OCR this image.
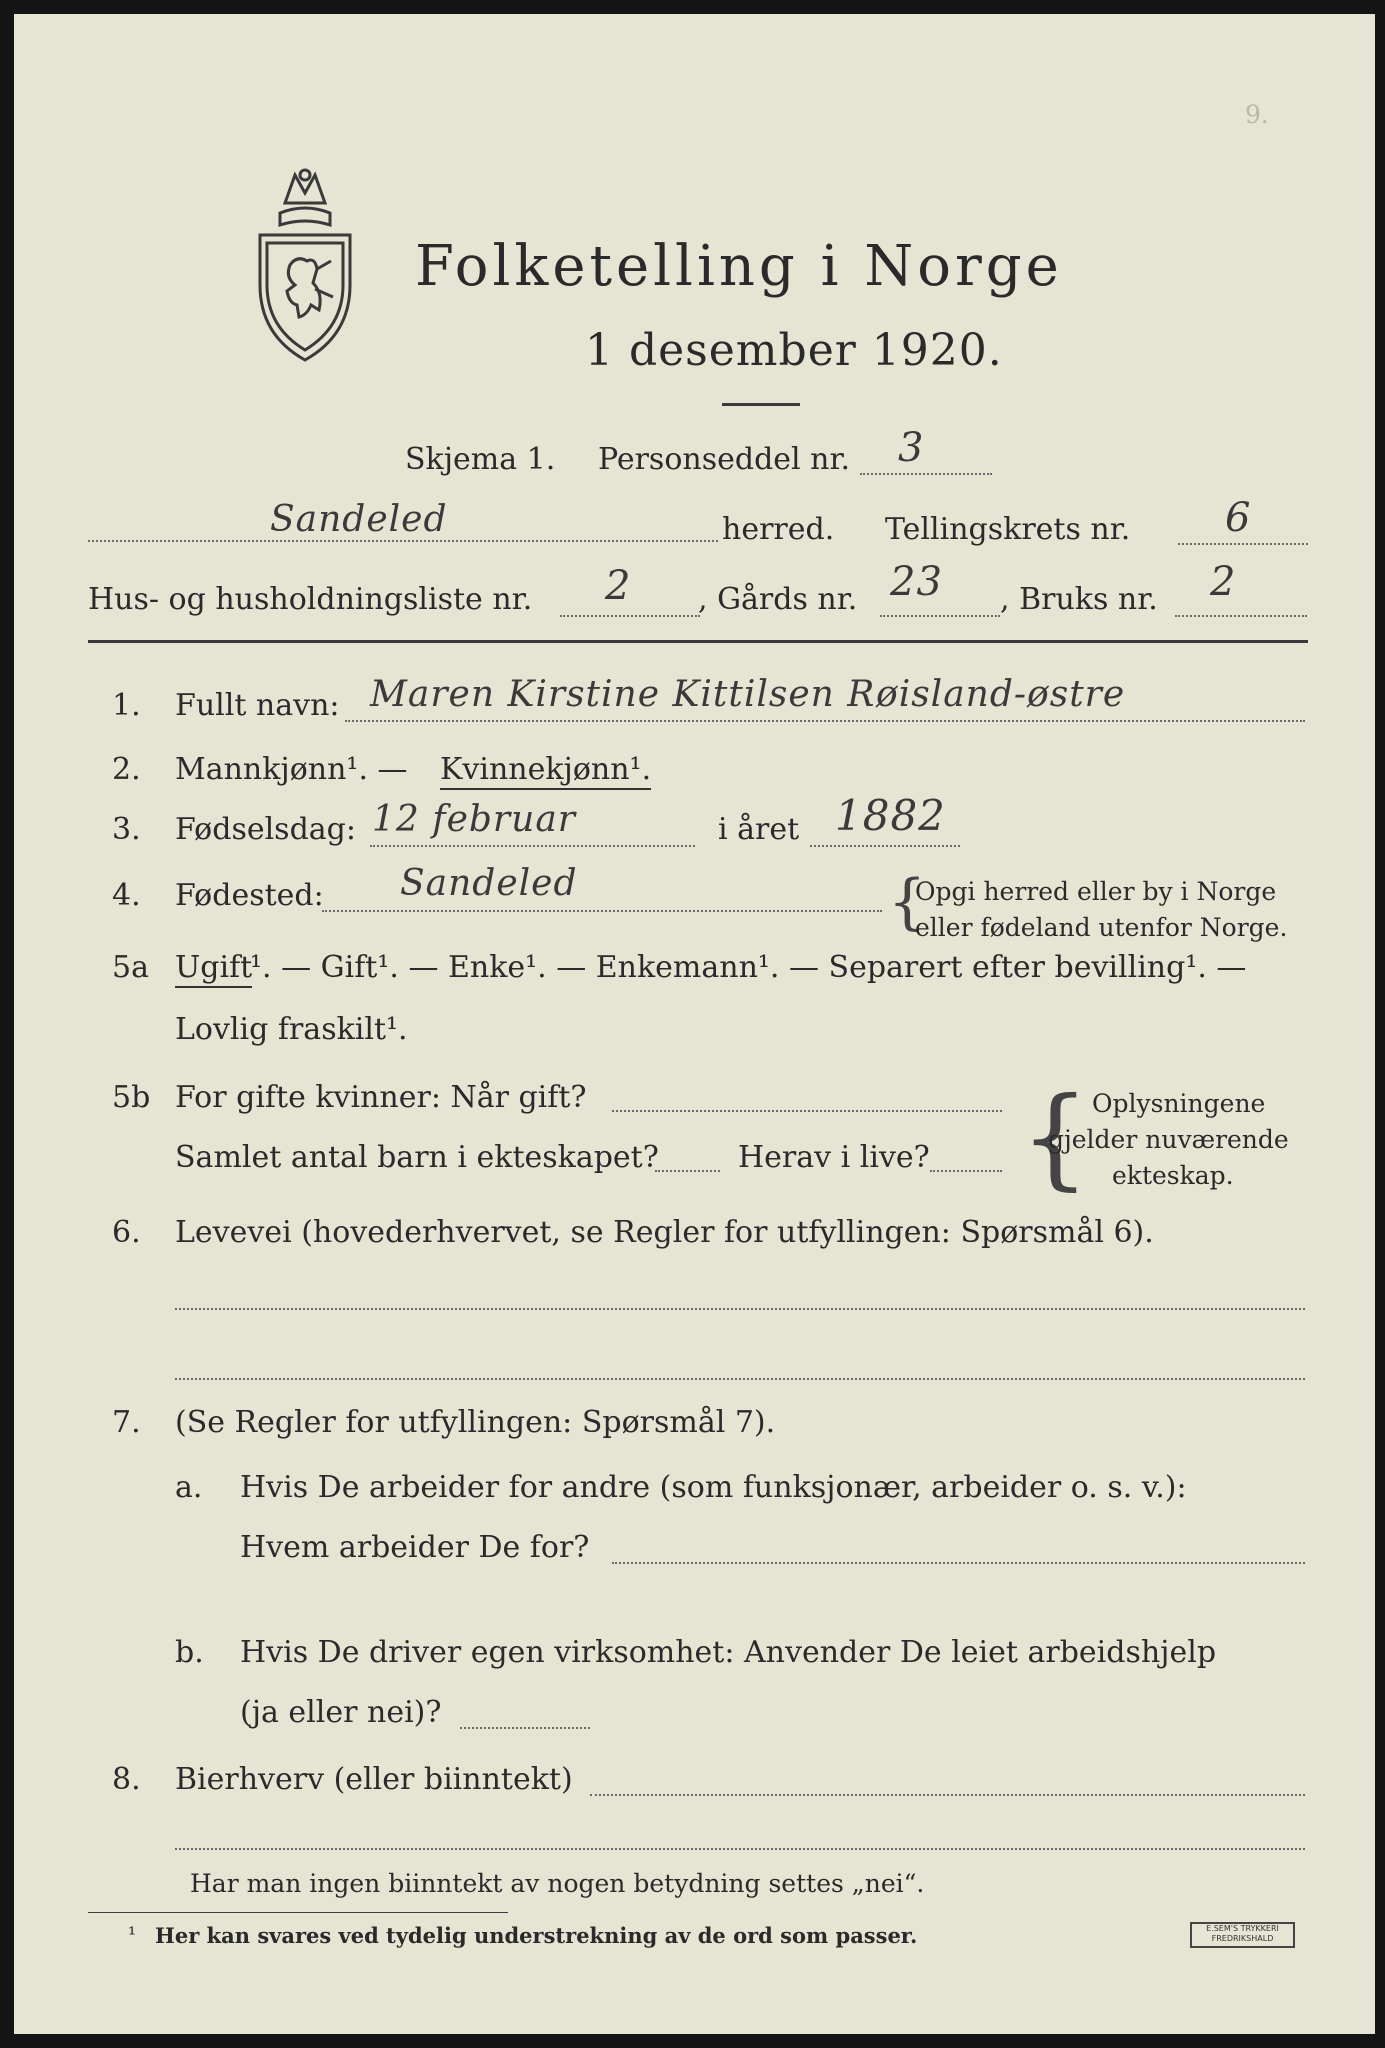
9.
Folketelling i Norge
1 desember 1920.
Skjema 1. Personseddel nr. 3
Sandeled	herred. Tellingskrets nr. 6
Hus- og husholdningsliste nr. 2 , Gårds nr. 23 , Bruks nr. 2
1. Fullt navn: Maren Kirstine Kittilsen Røisland-østre
2. Mannkjønn¹. — Kvinnekjønn¹.
3. Fødselsdag: 12 februar	i året 1882
4. Fødested: Sandeled	{
Opgi herred eller by i Norge
eller fødeland utenfor Norge.
5a Ugift
¹. — Gift¹. — Enke¹. — Enkemann¹. — Separert efter bevilling¹. —
Lovlig fraskilt¹.
5b For gifte kvinner: Når gift?
Samlet antal barn i ekteskapet?	Herav i live? { Oplysningene
gjelder nuværende
ekteskap.
6. Levevei (hovederhvervet, se Regler for utfyllingen: Spørsmål 6).
7. (Se Regler for utfyllingen: Spørsmål 7).
a. Hvis De arbeider for andre (som funksjonær, arbeider o. s. v.):
Hvem arbeider De for?
b. Hvis De driver egen virksomhet: Anvender De leiet arbeidshjelp
(ja eller nei)?
8. Bierhverv (eller biinntekt)
Har man ingen biinntekt av nogen betydning settes „nei“.
¹ Her kan svares ved tydelig understrekning av de ord som passer.	E.SEM'S TRYKKERI
FREDRIKSHALD
